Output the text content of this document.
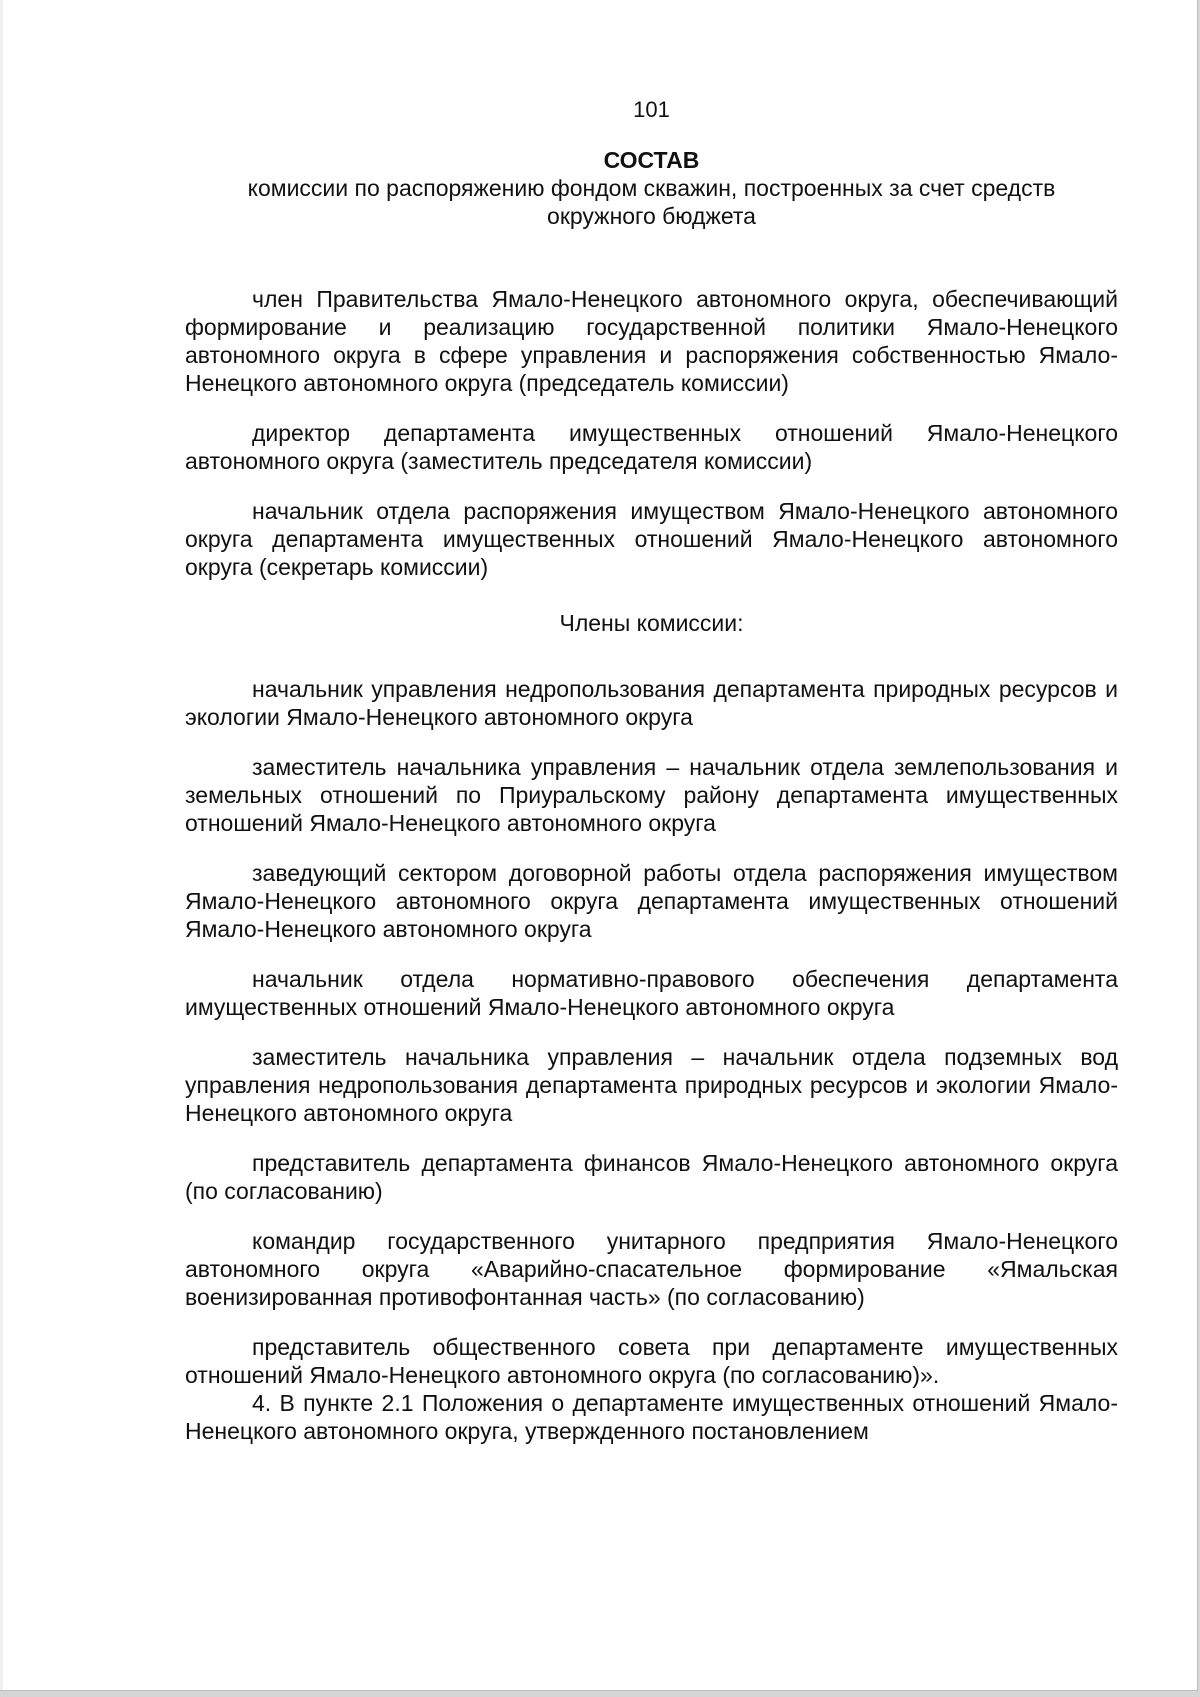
101
СОСТАВ
комиссии по распоряжению фондом скважин, построенных за счет средств окружного бюджета

член Правительства Ямало-Ненецкого автономного округа, обеспечивающий формирование и реализацию государственной политики Ямало-Ненецкого автономного округа в сфере управления и распоряжения собственностью Ямало-Ненецкого автономного округа (председатель комиссии)

директор департамента имущественных отношений Ямало-Ненецкого автономного округа (заместитель председателя комиссии)

начальник отдела распоряжения имуществом Ямало-Ненецкого автономного округа департамента имущественных отношений Ямало-Ненецкого автономного округа (секретарь комиссии)

Члены комиссии:

начальник управления недропользования департамента природных ресурсов и экологии Ямало-Ненецкого автономного округа

заместитель начальника управления – начальник отдела землепользования и земельных отношений по Приуральскому району департамента имущественных отношений Ямало-Ненецкого автономного округа

заведующий сектором договорной работы отдела распоряжения имуществом Ямало-Ненецкого автономного округа департамента имущественных отношений Ямало-Ненецкого автономного округа

начальник отдела нормативно-правового обеспечения департамента имущественных отношений Ямало-Ненецкого автономного округа

заместитель начальника управления – начальник отдела подземных вод управления недропользования департамента природных ресурсов и экологии Ямало-Ненецкого автономного округа

представитель департамента финансов Ямало-Ненецкого автономного округа (по согласованию)

командир государственного унитарного предприятия Ямало-Ненецкого автономного округа «Аварийно-спасательное формирование «Ямальская военизированная противофонтанная часть» (по согласованию)

представитель общественного совета при департаменте имущественных отношений Ямало-Ненецкого автономного округа (по согласованию)».

4. В пункте 2.1 Положения о департаменте имущественных отношений Ямало-Ненецкого автономного округа, утвержденного постановлением
